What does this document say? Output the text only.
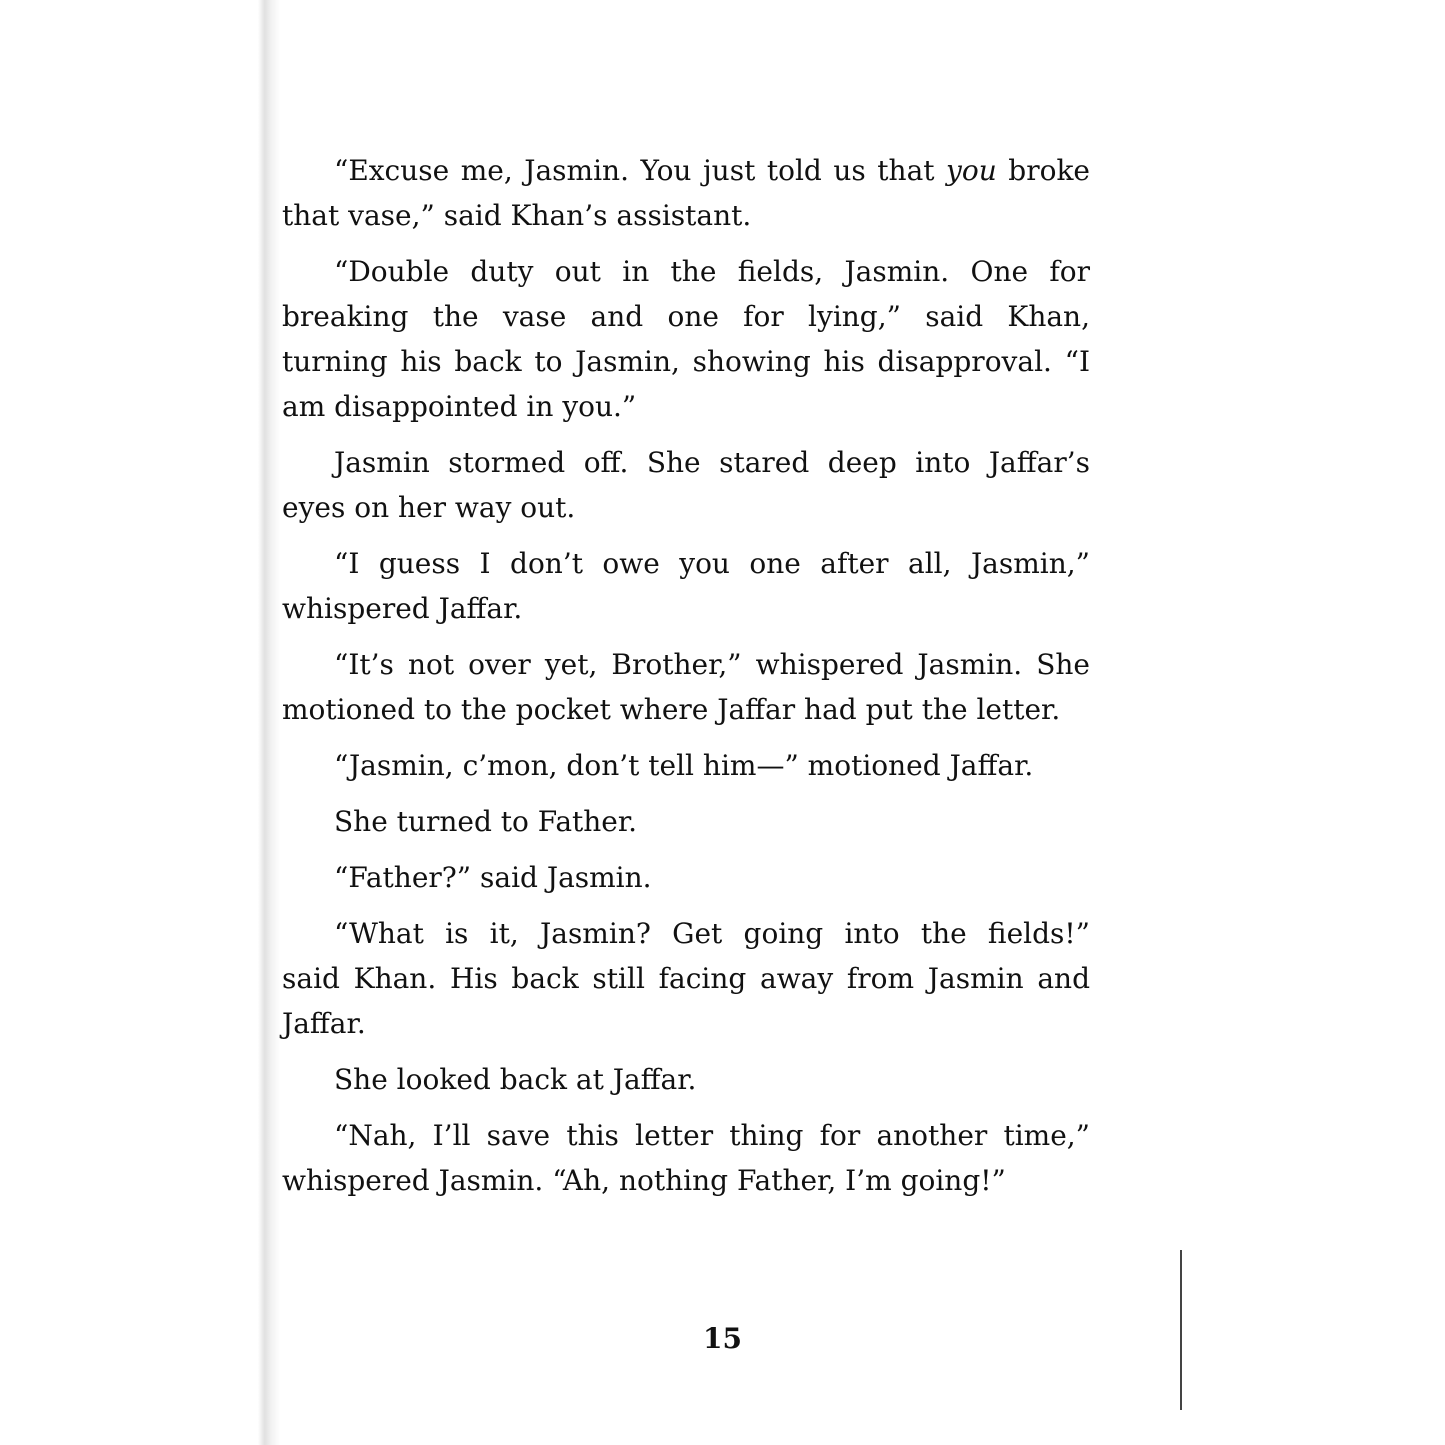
“Excuse me, Jasmin. You just told us that you broke
that vase,” said Khan’s assistant.
“Double duty out in the fields, Jasmin. One for
breaking the vase and one for lying,” said Khan,
turning his back to Jasmin, showing his disapproval. “I
am disappointed in you.”
Jasmin stormed off. She stared deep into Jaffar’s
eyes on her way out.
“I guess I don’t owe you one after all, Jasmin,”
whispered Jaffar.
“It’s not over yet, Brother,” whispered Jasmin. She
motioned to the pocket where Jaffar had put the letter.
“Jasmin, c’mon, don’t tell him—” motioned Jaffar.
She turned to Father.
“Father?” said Jasmin.
“What is it, Jasmin? Get going into the fields!”
said Khan. His back still facing away from Jasmin and
Jaffar.
She looked back at Jaffar.
“Nah, I’ll save this letter thing for another time,”
whispered Jasmin. “Ah, nothing Father, I’m going!”
15
